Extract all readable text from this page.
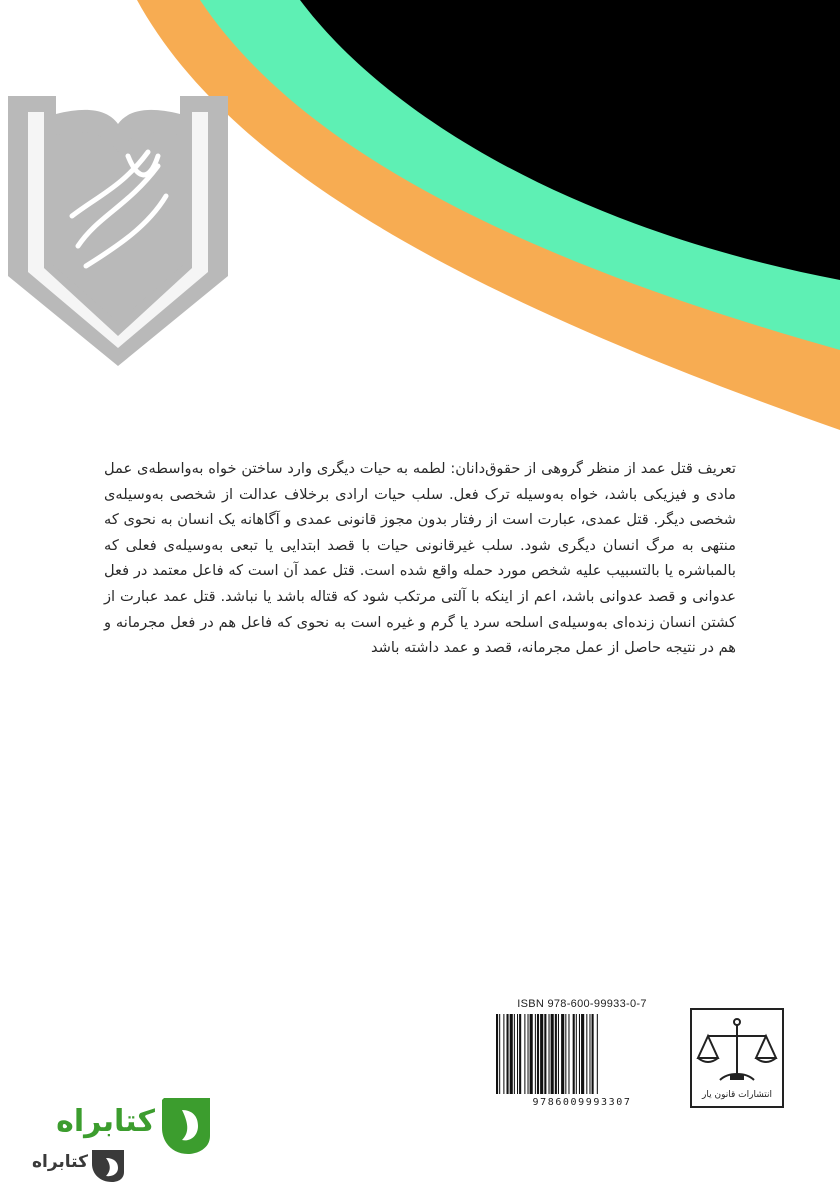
تعریف قتل عمد از منظر گروهی از حقوق‌دانان: لطمه به حیات دیگری وارد ساختن خواه به‌واسطه‌ی عمل مادی و فیزیکی باشد، خواه به‌وسیله ترک فعل. سلب حیات ارادی برخلاف عدالت از شخصی به‌وسیله‌ی شخصی دیگر. قتل عمدی، عبارت است از رفتار بدون مجوز قانونی عمدی و آگاهانه یک انسان به نحوی که منتهی به مرگ انسان دیگری شود. سلب غیرقانونی حیات با قصد ابتدایی یا تبعی به‌وسیله‌ی فعلی که بالمباشره یا بالتسبیب علیه شخص مورد حمله واقع شده است. قتل عمد آن است که فاعل معتمد در فعل عدوانی و قصد عدوانی باشد، اعم از اینکه با آلتی مرتکب شود که قتاله باشد یا نباشد. قتل عمد عبارت از کشتن انسان زنده‌ای به‌وسیله‌ی اسلحه سرد یا گرم و غیره است به نحوی که فاعل هم در فعل مجرمانه و هم در نتیجه حاصل از عمل مجرمانه، قصد و عمد داشته باشد

ISBN 978-600-99933-0-7
9786009993307
انتشارات قانون یار
کتابراه
کتابراه
